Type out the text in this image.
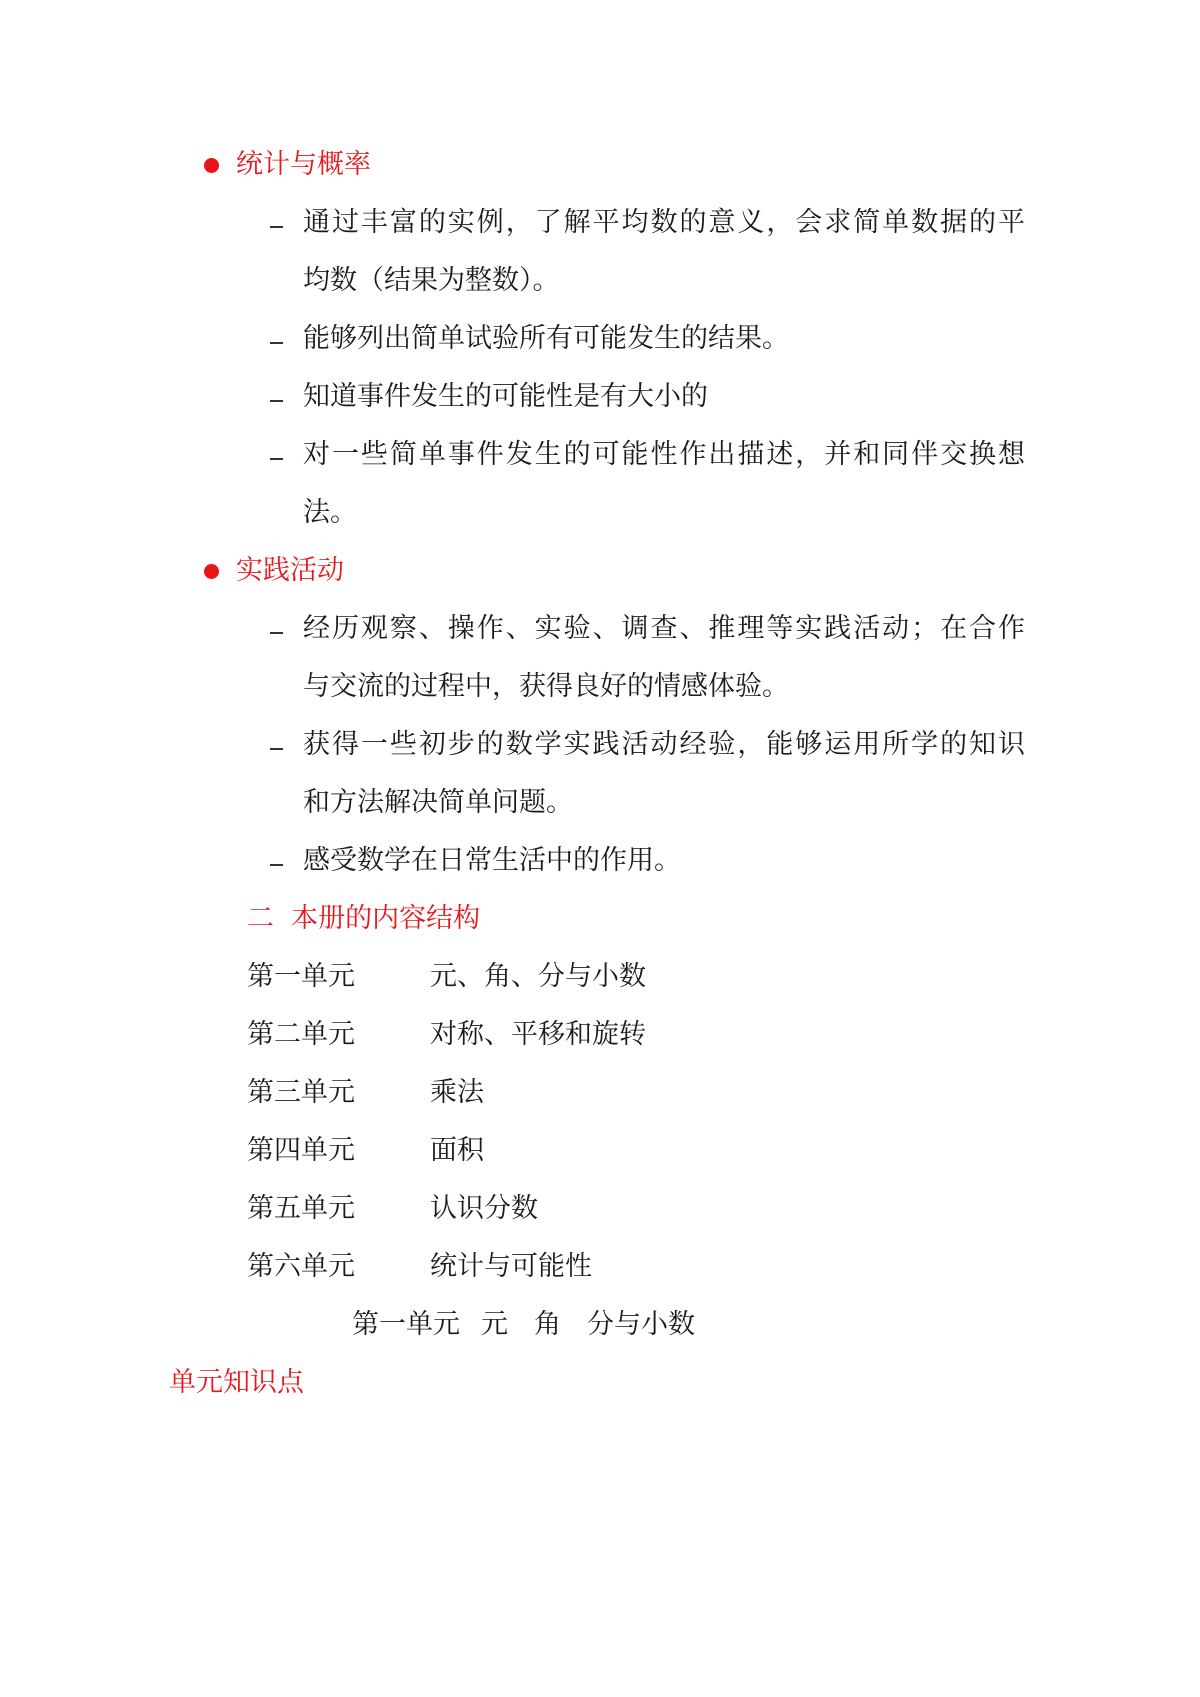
统计与概率
通过丰富的实例，了解平均数的意义，会求简单数据的平
均数（结果为整数）。
能够列出简单试验所有可能发生的结果。
知道事件发生的可能性是有大小的
对一些简单事件发生的可能性作出描述，并和同伴交换想
法。
实践活动
经历观察、操作、实验、调查、推理等实践活动；在合作
与交流的过程中，获得良好的情感体验。
获得一些初步的数学实践活动经验，能够运用所学的知识
和方法解决简单问题。
感受数学在日常生活中的作用。
二  本册的内容结构
第一单元	元、角、分与小数
第二单元	对称、平移和旋转
第三单元	乘法
第四单元	面积
第五单元	认识分数
第六单元	统计与可能性
第一单元 元 角 分与小数
单元知识点
